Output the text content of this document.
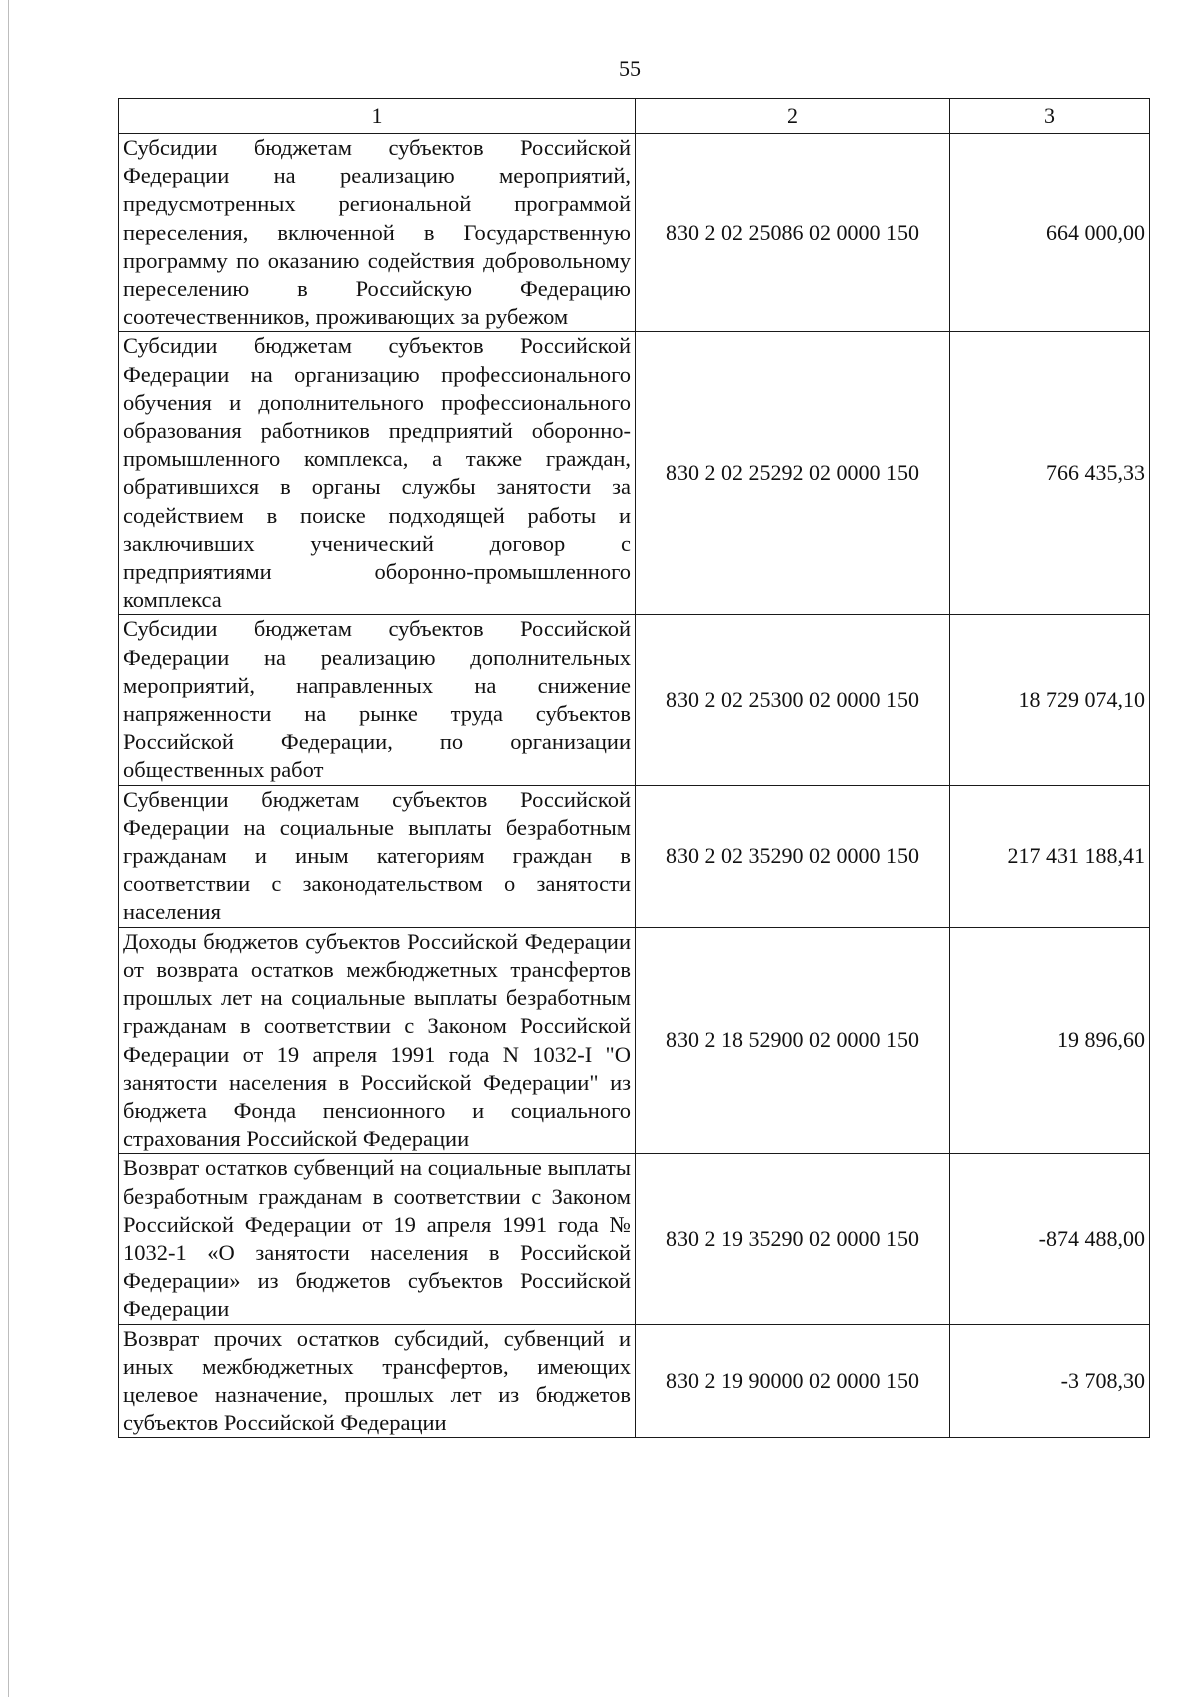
55
1	2	3
Субсидии бюджетам субъектов Российской Федерации на реализацию мероприятий, предусмотренных региональной программой переселения, включенной в Государственную программу по оказанию содействия добровольному переселению в Российскую Федерацию соотечественников, проживающих за рубежом	830 2 02 25086 02 0000 150	664 000,00
Субсидии бюджетам субъектов Российской Федерации на организацию профессионального обучения и дополнительного профессионального образования работников предприятий оборонно-промышленного комплекса, а также граждан, обратившихся в органы службы занятости за содействием в поиске подходящей работы и заключивших ученический договор с предприятиями оборонно-промышленного комплекса	830 2 02 25292 02 0000 150	766 435,33
Субсидии бюджетам субъектов Российской Федерации на реализацию дополнительных мероприятий, направленных на снижение напряженности на рынке труда субъектов Российской Федерации, по организации общественных работ	830 2 02 25300 02 0000 150	18 729 074,10
Субвенции бюджетам субъектов Российской Федерации на социальные выплаты безработным гражданам и иным категориям граждан в соответствии с законодательством о занятости населения	830 2 02 35290 02 0000 150	217 431 188,41
Доходы бюджетов субъектов Российской Федерации от возврата остатков межбюджетных трансфертов прошлых лет на социальные выплаты безработным гражданам в соответствии с Законом Российской Федерации от 19 апреля 1991 года N 1032-I "О занятости населения в Российской Федерации" из бюджета Фонда пенсионного и социального страхования Российской Федерации	830 2 18 52900 02 0000 150	19 896,60
Возврат остатков субвенций на социальные выплаты безработным гражданам в соответствии с Законом Российской Федерации от 19 апреля 1991 года № 1032-1 «О занятости населения в Российской Федерации» из бюджетов субъектов Российской Федерации	830 2 19 35290 02 0000 150	-874 488,00
Возврат прочих остатков субсидий, субвенций и иных межбюджетных трансфертов, имеющих целевое назначение, прошлых лет из бюджетов субъектов Российской Федерации	830 2 19 90000 02 0000 150	-3 708,30
